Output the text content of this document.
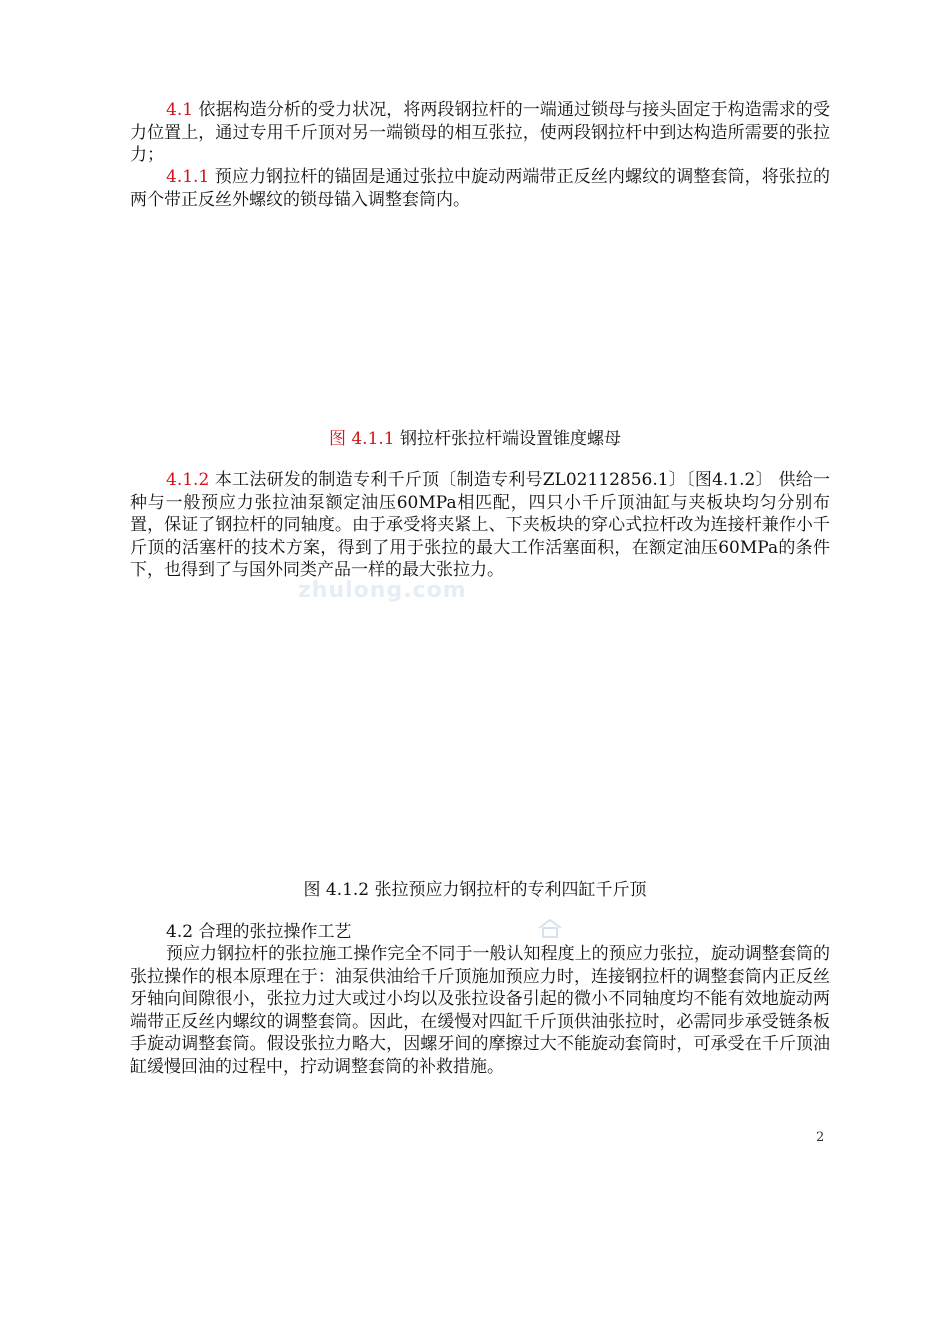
4.1 依据构造分析的受力状况，将两段钢拉杆的一端通过锁母与接头固定于构造需求的受力位置上，通过专用千斤顶对另一端锁母的相互张拉，使两段钢拉杆中到达构造所需要的张拉力；

4.1.1 预应力钢拉杆的锚固是通过张拉中旋动两端带正反丝内螺纹的调整套筒，将张拉的两个带正反丝外螺纹的锁母锚入调整套筒内。

图 4.1.1 钢拉杆张拉杆端设置锥度螺母

4.1.2 本工法研发的制造专利千斤顶〔制造专利号ZL02112856.1〕〔图4.1.2〕 供给一种与一般预应力张拉油泵额定油压60MPa相匹配，四只小千斤顶油缸与夹板块均匀分别布置，保证了钢拉杆的同轴度。由于承受将夹紧上、下夹板块的穿心式拉杆改为连接杆兼作小千斤顶的活塞杆的技术方案，得到了用于张拉的最大工作活塞面积，在额定油压60MPa的条件下，也得到了与国外同类产品一样的最大张拉力。

zhulong.com
图 4.1.2 张拉预应力钢拉杆的专利四缸千斤顶
4.2 合理的张拉操作工艺

预应力钢拉杆的张拉施工操作完全不同于一般认知程度上的预应力张拉，旋动调整套筒的张拉操作的根本原理在于：油泵供油给千斤顶施加预应力时，连接钢拉杆的调整套筒内正反丝牙轴向间隙很小，张拉力过大或过小均以及张拉设备引起的微小不同轴度均不能有效地旋动两端带正反丝内螺纹的调整套筒。因此，在缓慢对四缸千斤顶供油张拉时，必需同步承受链条板手旋动调整套筒。假设张拉力略大，因螺牙间的摩擦过大不能旋动套筒时，可承受在千斤顶油缸缓慢回油的过程中，拧动调整套筒的补救措施。

2
